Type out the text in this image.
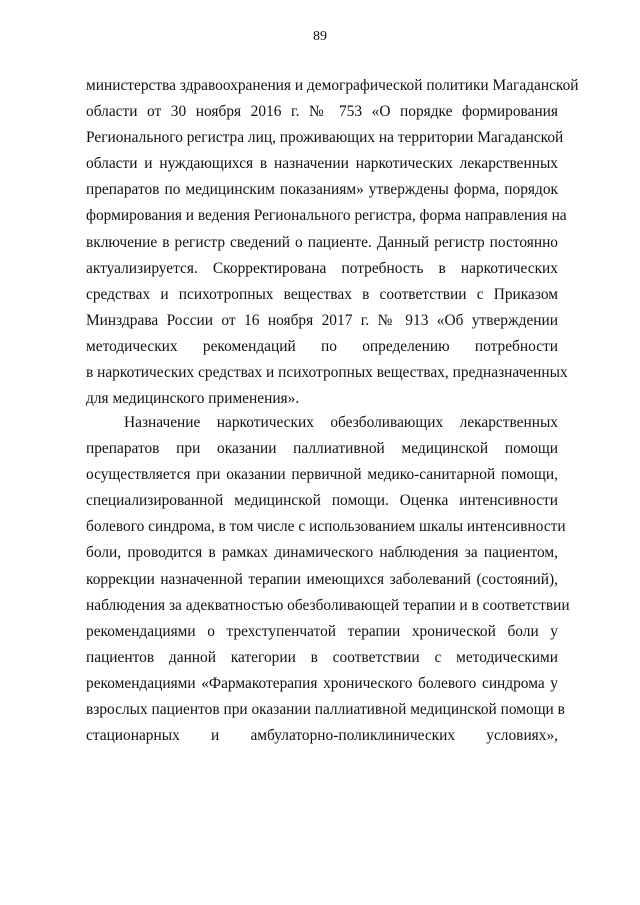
89
министерства здравоохранения и демографической политики Магаданской
области от 30 ноября 2016 г. № 753 «О порядке формирования
Регионального регистра лиц, проживающих на территории Магаданской
области и нуждающихся в назначении наркотических лекарственных
препаратов по медицинским показаниям» утверждены форма, порядок
формирования и ведения Регионального регистра, форма направления на
включение в регистр сведений о пациенте. Данный регистр постоянно
актуализируется. Скорректирована потребность в наркотических
средствах и психотропных веществах в соответствии с Приказом
Минздрава России от 16 ноября 2017 г. № 913 «Об утверждении
методических рекомендаций по определению потребности
в наркотических средствах и психотропных веществах, предназначенных
для медицинского применения».
Назначение наркотических обезболивающих лекарственных
препаратов при оказании паллиативной медицинской помощи
осуществляется при оказании первичной медико-санитарной помощи,
специализированной медицинской помощи. Оценка интенсивности
болевого синдрома, в том числе с использованием шкалы интенсивности
боли, проводится в рамках динамического наблюдения за пациентом,
коррекции назначенной терапии имеющихся заболеваний (состояний),
наблюдения за адекватностью обезболивающей терапии и в соответствии
рекомендациями о трехступенчатой терапии хронической боли у
пациентов данной категории в соответствии с методическими
рекомендациями «Фармакотерапия хронического болевого синдрома у
взрослых пациентов при оказании паллиативной медицинской помощи в
стационарных и амбулаторно-поликлинических условиях»,
